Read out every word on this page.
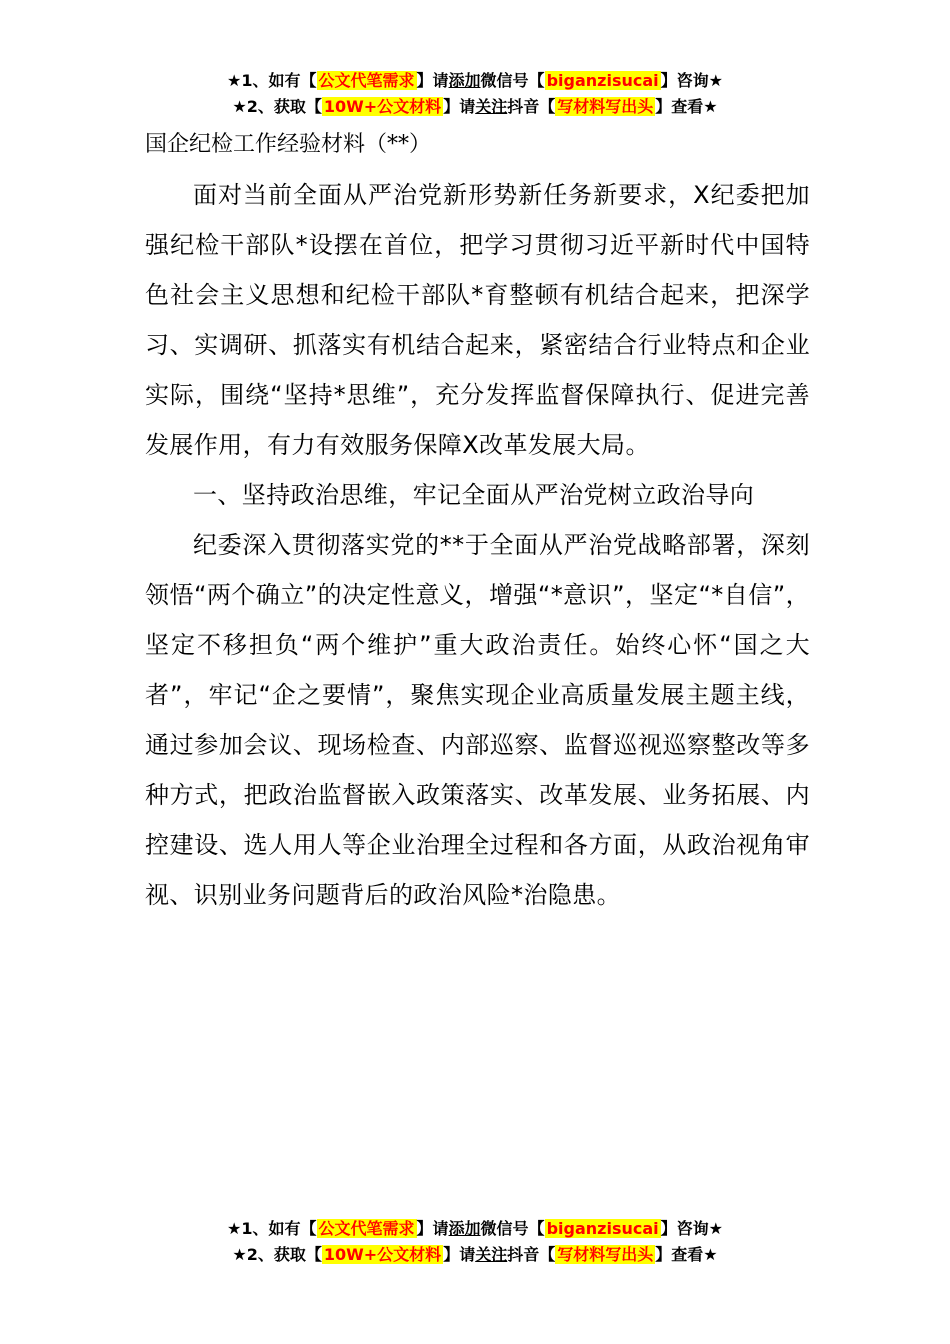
★1、如有【 公文代笔需求 】请添加微信号【 biganzisucai 】咨询★
★2、获取【 10W+公文材料 】请关注抖音【 写材料写出头 】查看★
国企纪检工作经验材料（**）

面对当前全面从严治党新形势新任务新要求，X纪委把加强纪检干部队*设摆在首位，把学习贯彻习近平新时代中国特色社会主义思想和纪检干部队*育整顿有机结合起来，把深学习、实调研、抓落实有机结合起来，紧密结合行业特点和企业实际，围绕“坚持*思维”，充分发挥监督保障执行、促进完善发展作用，有力有效服务保障X改革发展大局。

一、坚持政治思维，牢记全面从严治党树立政治导向

纪委深入贯彻落实党的**于全面从严治党战略部署，深刻领悟“两个确立”的决定性意义，增强“*意识”，坚定“*自信”，坚定不移担负“两个维护”重大政治责任。始终心怀“国之大者”，牢记“企之要情”，聚焦实现企业高质量发展主题主线，通过参加会议、现场检查、内部巡察、监督巡视巡察整改等多种方式，把政治监督嵌入政策落实、改革发展、业务拓展、内控建设、选人用人等企业治理全过程和各方面，从政治视角审视、识别业务问题背后的政治风险*治隐患。

★1、如有【 公文代笔需求 】请添加微信号【 biganzisucai 】咨询★
★2、获取【 10W+公文材料 】请关注抖音【 写材料写出头 】查看★
